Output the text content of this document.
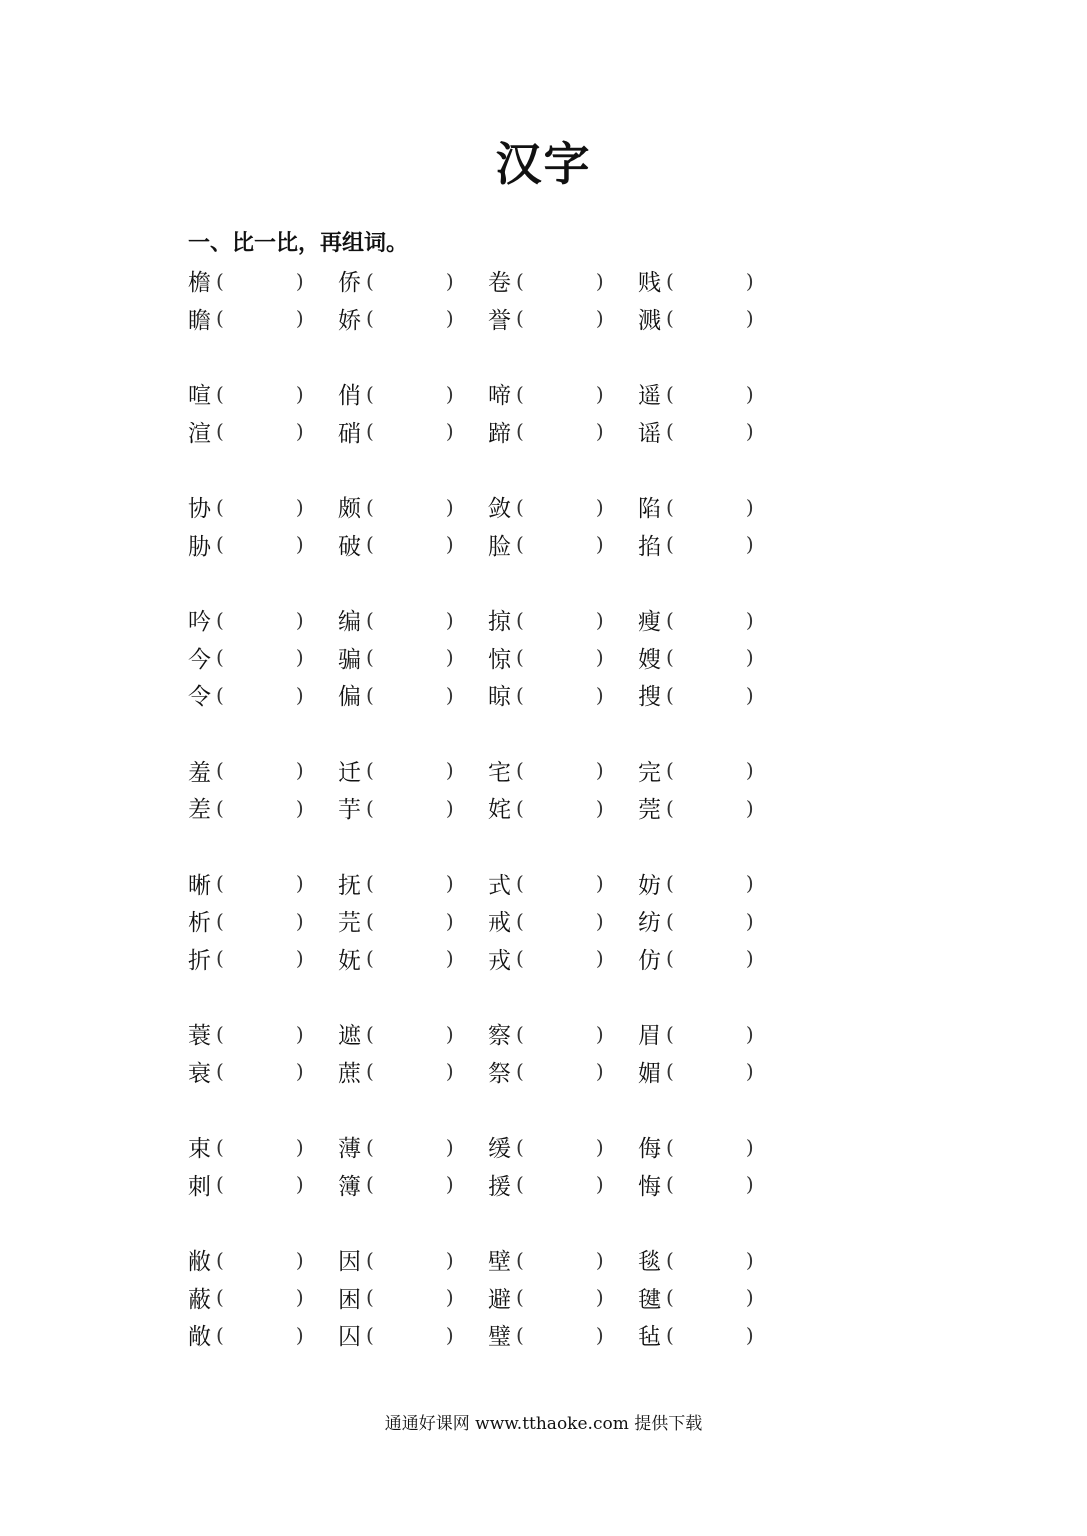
汉字
一、比一比，再组词。
檐 (	) 侨 (	) 卷 (	) 贱 (	)
瞻 (	) 娇 (	) 誉 (	) 溅 (	)
喧 (	) 俏 (	) 啼 (	) 遥 (	)
渲 (	) 硝 (	) 蹄 (	) 谣 (	)
协 (	) 颇 (	) 敛 (	) 陷 (	)
胁 (	) 破 (	) 脸 (	) 掐 (	)
吟 (	) 编 (	) 掠 (	) 瘦 (	)
今 (	) 骗 (	) 惊 (	) 嫂 (	)
令 (	) 偏 (	) 晾 (	) 搜 (	)
羞 (	) 迁 (	) 宅 (	) 完 (	)
差 (	) 芋 (	) 姹 (	) 莞 (	)
晰 (	) 抚 (	) 式 (	) 妨 (	)
析 (	) 芫 (	) 戒 (	) 纺 (	)
折 (	) 妩 (	) 戎 (	) 仿 (	)
蓑 (	) 遮 (	) 察 (	) 眉 (	)
衰 (	) 蔗 (	) 祭 (	) 媚 (	)
束 (	) 薄 (	) 缓 (	) 侮 (	)
刺 (	) 簿 (	) 援 (	) 悔 (	)
敝 (	) 因 (	) 壁 (	) 毯 (	)
蔽 (	) 困 (	) 避 (	) 毽 (	)
敞 (	) 囚 (	) 璧 (	) 毡 (	)
通通好课网 www.tthaoke.com 提供下载
